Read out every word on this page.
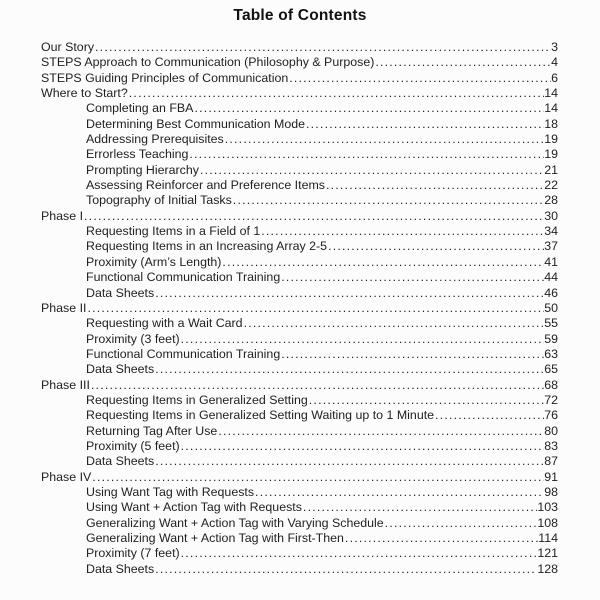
Table of Contents
Our Story .....	3
STEPS Approach to Communication (Philosophy & Purpose) .....	4
STEPS Guiding Principles of Communication .....	6
Where to Start? .....	14
Completing an FBA .....	14
Determining Best Communication Mode .....	18
Addressing Prerequisites .....	19
Errorless Teaching .....	19
Prompting Hierarchy .....	21
Assessing Reinforcer and Preference Items .....	22
Topography of Initial Tasks .....	28
Phase I .....	30
Requesting Items in a Field of 1 .....	34
Requesting Items in an Increasing Array 2-5 .....	37
Proximity (Arm’s Length) .....	41
Functional Communication Training .....	44
Data Sheets .....	46
Phase II .....	50
Requesting with a Wait Card .....	55
Proximity (3 feet) .....	59
Functional Communication Training .....	63
Data Sheets .....	65
Phase III .....	68
Requesting Items in Generalized Setting .....	72
Requesting Items in Generalized Setting Waiting up to 1 Minute .....	76
Returning Tag After Use .....	80
Proximity (5 feet) .....	83
Data Sheets .....	87
Phase IV .....	91
Using Want Tag with Requests .....	98
Using Want + Action Tag with Requests .....	103
Generalizing Want + Action Tag with Varying Schedule .....	108
Generalizing Want + Action Tag with First-Then .....	114
Proximity (7 feet) .....	121
Data Sheets .....	128
